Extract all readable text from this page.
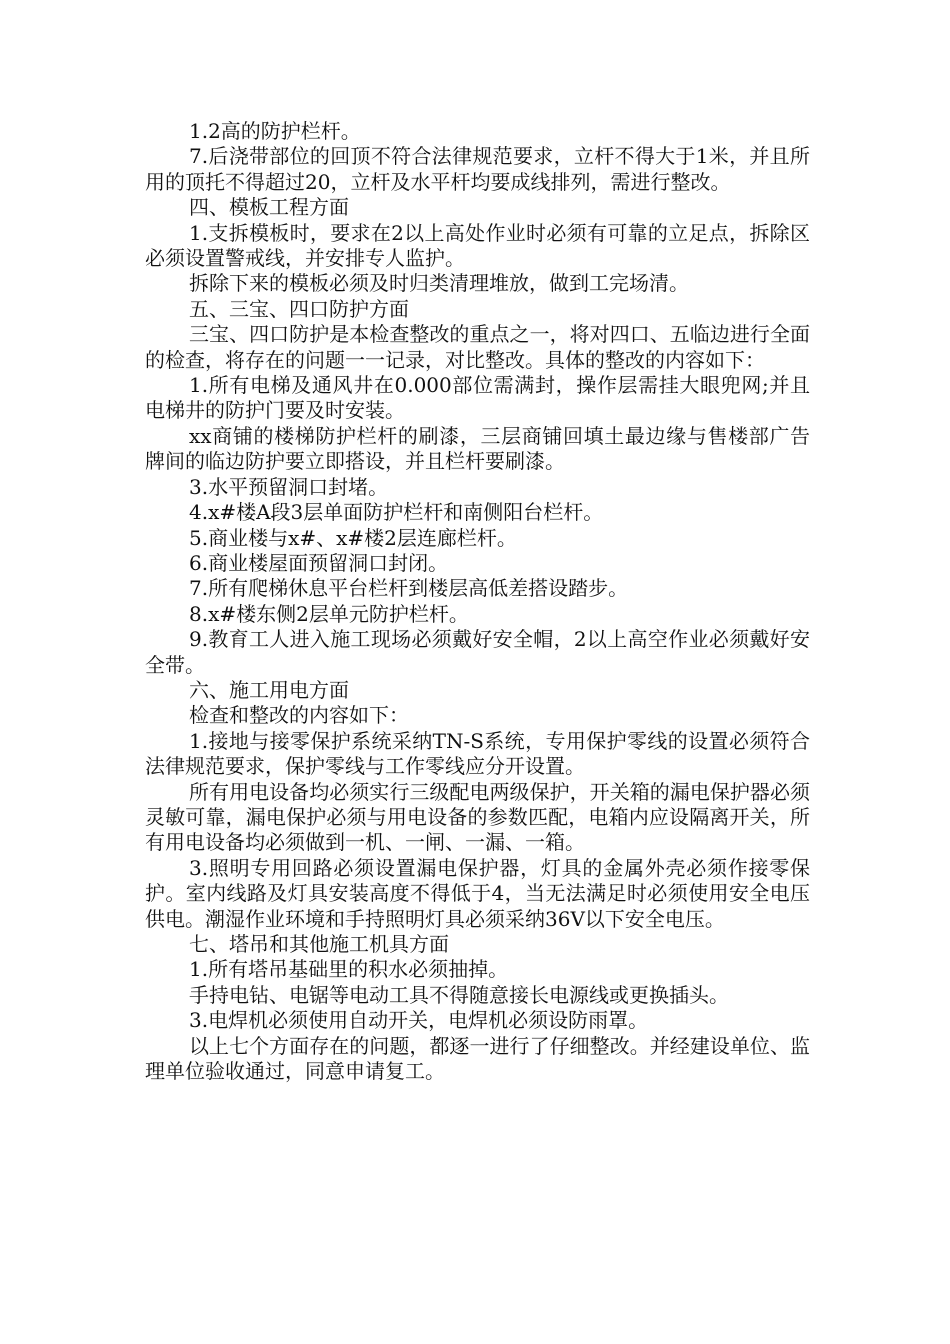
1.2高的防护栏杆。

7.后浇带部位的回顶不符合法律规范要求，立杆不得大于1米，并且所用的顶托不得超过20，立杆及水平杆均要成线排列，需进行整改。

四、模板工程方面

1.支拆模板时，要求在2以上高处作业时必须有可靠的立足点，拆除区必须设置警戒线，并安排专人监护。

拆除下来的模板必须及时归类清理堆放，做到工完场清。

五、三宝、四口防护方面

三宝、四口防护是本检查整改的重点之一，将对四口、五临边进行全面的检查，将存在的问题一一记录，对比整改。具体的整改的内容如下：

1.所有电梯及通风井在0.000部位需满封，操作层需挂大眼兜网;并且电梯井的防护门要及时安装。

xx商铺的楼梯防护栏杆的刷漆，三层商铺回填土最边缘与售楼部广告牌间的临边防护要立即搭设，并且栏杆要刷漆。

3.水平预留洞口封堵。

4.x#楼A段3层单面防护栏杆和南侧阳台栏杆。

5.商业楼与x#、x#楼2层连廊栏杆。

6.商业楼屋面预留洞口封闭。

7.所有爬梯休息平台栏杆到楼层高低差搭设踏步。

8.x#楼东侧2层单元防护栏杆。

9.教育工人进入施工现场必须戴好安全帽，2以上高空作业必须戴好安全带。

六、施工用电方面

检查和整改的内容如下：

1.接地与接零保护系统采纳TN-S系统，专用保护零线的设置必须符合法律规范要求，保护零线与工作零线应分开设置。

所有用电设备均必须实行三级配电两级保护，开关箱的漏电保护器必须灵敏可靠，漏电保护必须与用电设备的参数匹配，电箱内应设隔离开关，所有用电设备均必须做到一机、一闸、一漏、一箱。

3.照明专用回路必须设置漏电保护器，灯具的金属外壳必须作接零保护。室内线路及灯具安装高度不得低于4，当无法满足时必须使用安全电压供电。潮湿作业环境和手持照明灯具必须采纳36V以下安全电压。

七、塔吊和其他施工机具方面

1.所有塔吊基础里的积水必须抽掉。

手持电钻、电锯等电动工具不得随意接长电源线或更换插头。

3.电焊机必须使用自动开关，电焊机必须设防雨罩。

以上七个方面存在的问题，都逐一进行了仔细整改。并经建设单位、监理单位验收通过，同意申请复工。
